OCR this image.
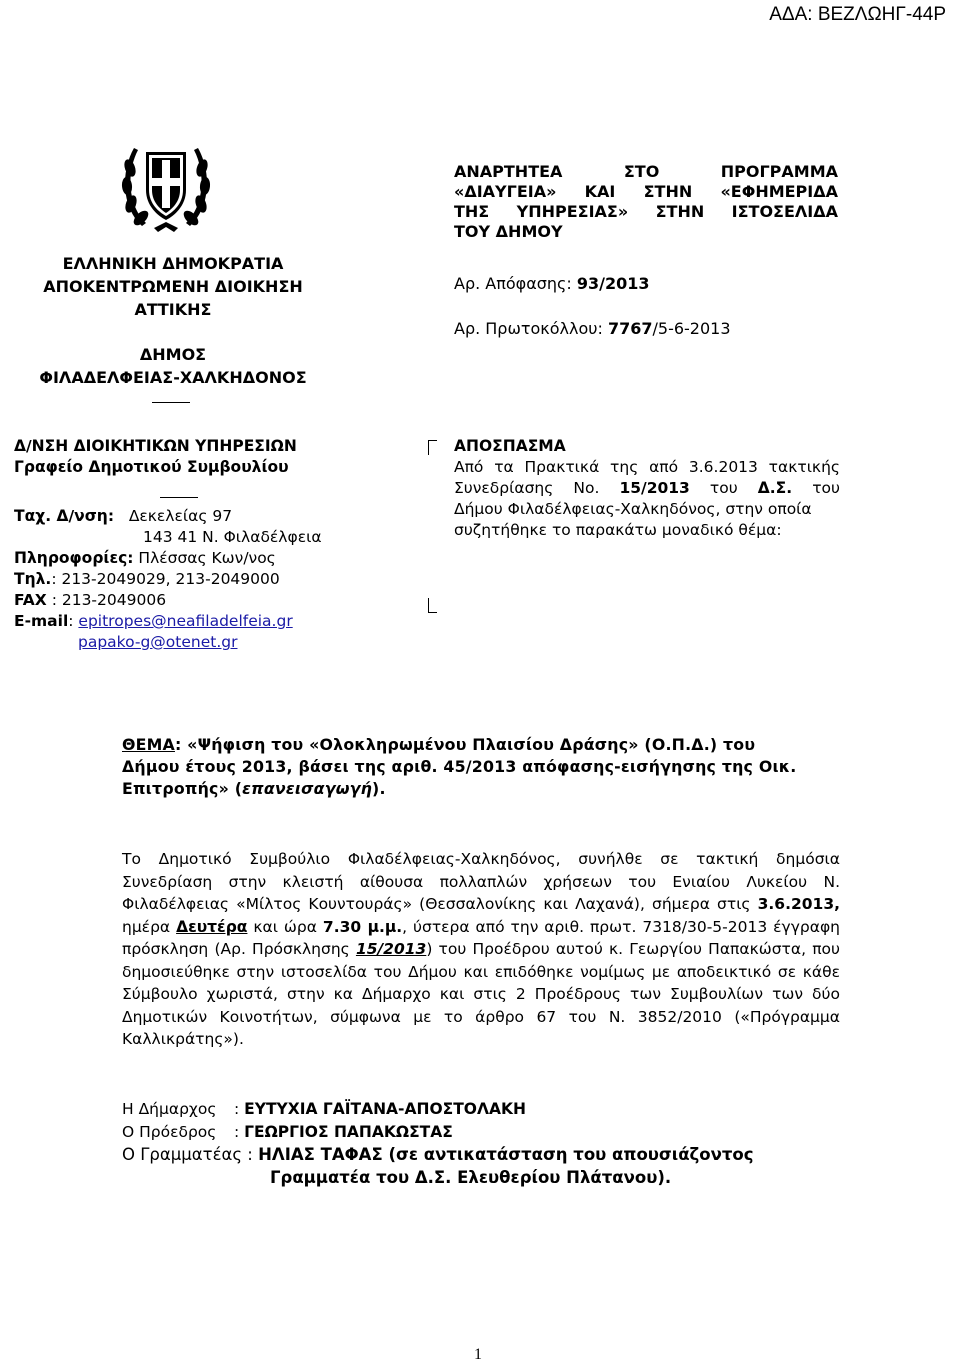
ΑΔΑ: ΒΕΖΛΩΗΓ-44Ρ
ΕΛΛΗΝΙΚΗ ΔΗΜΟΚΡΑΤΙΑ
ΑΠΟΚΕΝΤΡΩΜΕΝΗ ΔΙΟΙΚΗΣΗ
ΑΤΤΙΚΗΣ
ΔΗΜΟΣ
ΦΙΛΑΔΕΛΦΕΙΑΣ-ΧΑΛΚΗΔΟΝΟΣ
ΑΝΑΡΤΗΤΕΑ ΣΤΟ ΠΡΟΓΡΑΜΜΑ
«ΔΙΑΥΓΕΙΑ» ΚΑΙ ΣΤΗΝ «ΕΦΗΜΕΡΙΔΑ
ΤΗΣ ΥΠΗΡΕΣΙΑΣ» ΣΤΗΝ ΙΣΤΟΣΕΛΙΔΑ
ΤΟΥ ΔΗΜΟΥ
Αρ. Απόφασης: 93/2013
Αρ. Πρωτοκόλλου: 7767/5-6-2013
Δ/ΝΣΗ ΔΙΟΙΚΗΤΙΚΩΝ ΥΠΗΡΕΣΙΩΝ
Γραφείο Δημοτικού Συμβουλίου
Ταχ. Δ/νση: Δεκελείας 97
143 41 Ν. Φιλαδέλφεια
Πληροφορίες: Πλέσσας Κων/νος
Τηλ.: 213-2049029, 213-2049000
FAX : 213-2049006
E-mail: epitropes@neafiladelfeia.gr
papako-g@otenet.gr
ΑΠΟΣΠΑΣΜΑ
Από τα Πρακτικά της από 3.6.2013 τακτικής
Συνεδρίασης Νο. 15/2013 του Δ.Σ. του
Δήμου Φιλαδέλφειας-Χαλκηδόνος, στην οποία
συζητήθηκε το παρακάτω μοναδικό θέμα:
ΘΕΜΑ: «Ψήφιση του «Ολοκληρωμένου Πλαισίου Δράσης» (Ο.Π.Δ.) του
Δήμου έτους 2013, βάσει της αριθ. 45/2013 απόφασης-εισήγησης της Οικ.
Επιτροπής» (επανεισαγωγή).
Το Δημοτικό Συμβούλιο Φιλαδέλφειας-Χαλκηδόνος, συνήλθε σε τακτική δημόσια Συνεδρίαση στην κλειστή αίθουσα πολλαπλών χρήσεων του Ενιαίου Λυκείου Ν. Φιλαδέλφειας «Μίλτος Κουντουράς» (Θεσσαλονίκης και Λαχανά), σήμερα στις 3.6.2013, ημέρα Δευτέρα και ώρα 7.30 μ.μ., ύστερα από την αριθ. πρωτ. 7318/30-5-2013 έγγραφη πρόσκληση (Αρ. Πρόσκλησης 15/2013) του Προέδρου αυτού κ. Γεωργίου Παπακώστα, που δημοσιεύθηκε στην ιστοσελίδα του Δήμου και επιδόθηκε νομίμως με αποδεικτικό σε κάθε Σύμβουλο χωριστά, στην κα Δήμαρχο και στις 2 Προέδρους των Συμβουλίων των δύο Δημοτικών Κοινοτήτων, σύμφωνα με το άρθρο 67 του Ν. 3852/2010 («Πρόγραμμα Καλλικράτης»).
Η Δήμαρχος : ΕΥΤΥΧΙΑ ΓΑΪΤΑΝΑ-ΑΠΟΣΤΟΛΑΚΗ
Ο Πρόεδρος : ΓΕΩΡΓΙΟΣ ΠΑΠΑΚΩΣΤΑΣ
Ο Γραμματέας : ΗΛΙΑΣ ΤΑΦΑΣ (σε αντικατάσταση του απουσιάζοντος
Γραμματέα του Δ.Σ. Ελευθερίου Πλάτανου).
1
